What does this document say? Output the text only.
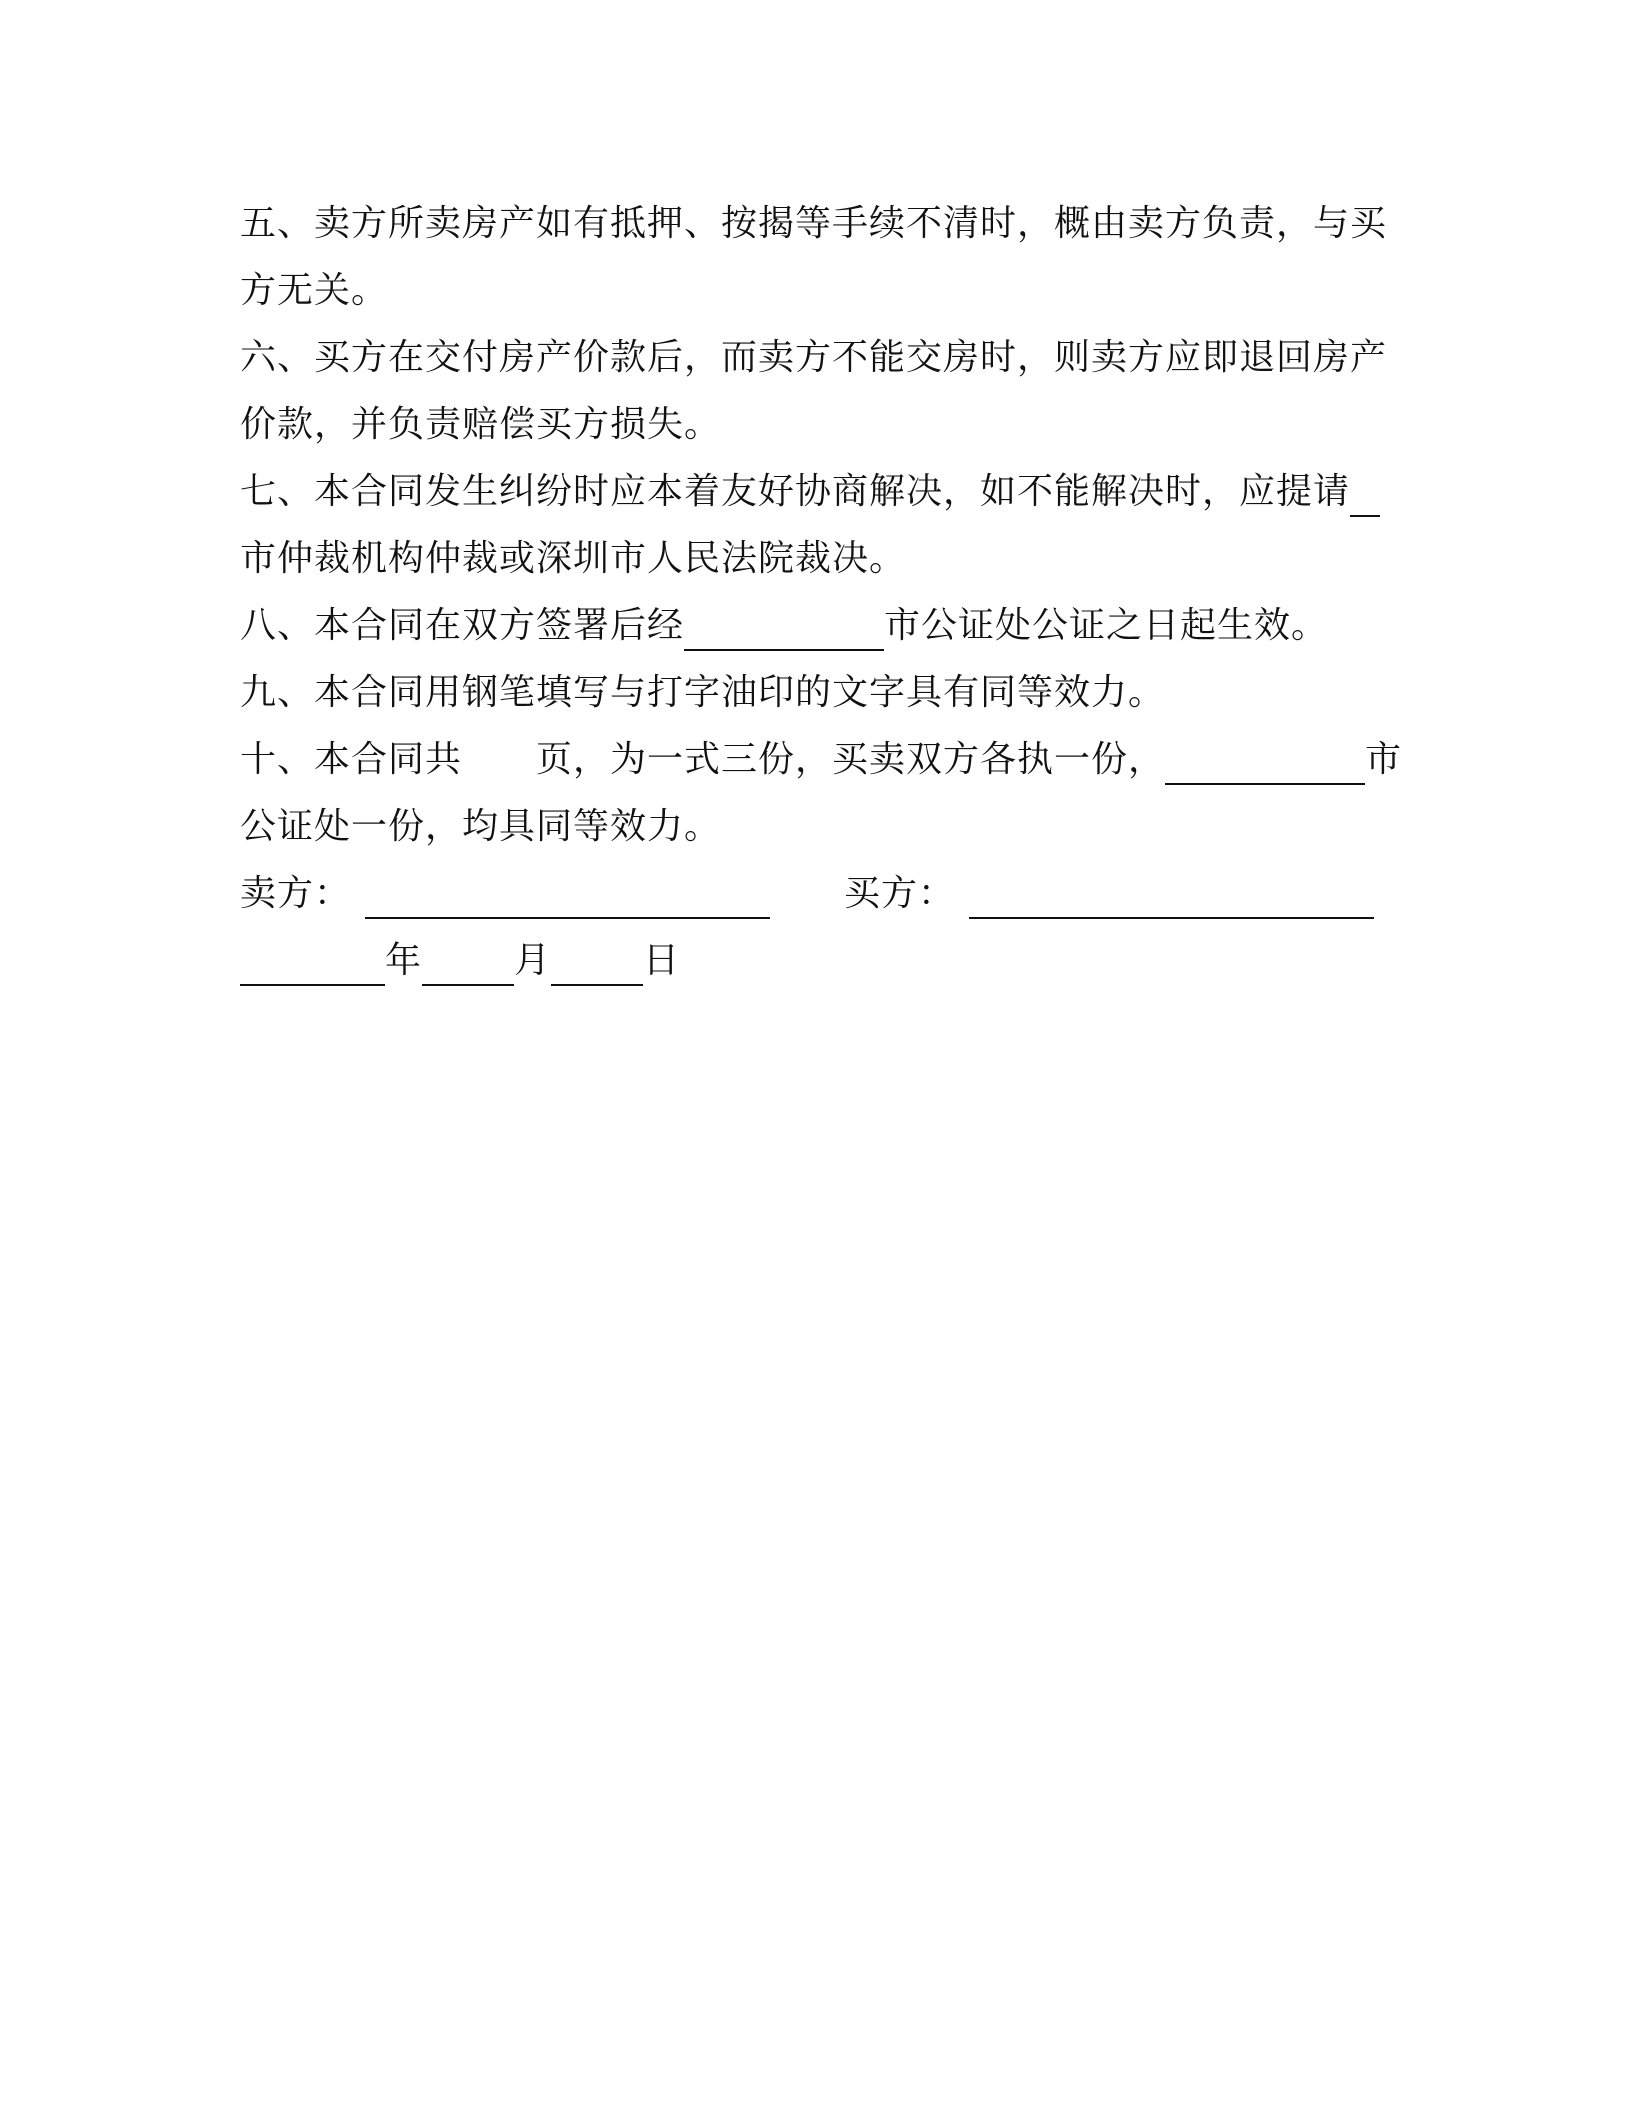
五、卖方所卖房产如有抵押、按揭等手续不清时，概由卖方负责，与买
方无关。
六、买方在交付房产价款后，而卖方不能交房时，则卖方应即退回房产
价款，并负责赔偿买方损失。
七、本合同发生纠纷时应本着友好协商解决，如不能解决时，应提请
市仲裁机构仲裁或深圳市人民法院裁决。
八、本合同在双方签署后经	市公证处公证之日起生效。
九、本合同用钢笔填写与打字油印的文字具有同等效力。
十、本合同共 页，为一式三份，买卖双方各执一份，	市
公证处一份，均具同等效力。
卖方：	买方：
年	月	日
